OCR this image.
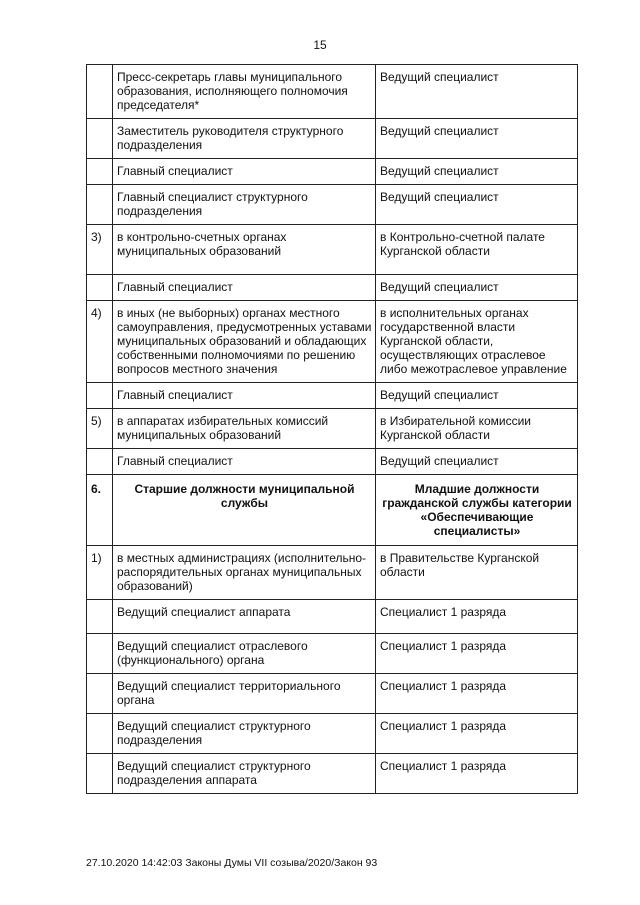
15
	Пресс-секретарь главы муниципального образования, исполняющего полномочия председателя*	Ведущий специалист
	Заместитель руководителя структурного подразделения	Ведущий специалист
	Главный специалист	Ведущий специалист
	Главный специалист структурного подразделения	Ведущий специалист
3)	в контрольно-счетных органах муниципальных образований	в Контрольно-счетной палате Курганской области
	Главный специалист	Ведущий специалист
4)	в иных (не выборных) органах местного самоуправления, предусмотренных уставами муниципальных образований и обладающих собственными полномочиями по решению вопросов местного значения	в исполнительных органах государственной власти Курганской области, осуществляющих отраслевое либо межотраслевое управление
	Главный специалист	Ведущий специалист
5)	в аппаратах избирательных комиссий муниципальных образований	в Избирательной комиссии Курганской области
	Главный специалист	Ведущий специалист
6.	Старшие должности муниципальной службы	Младшие должности гражданской службы категории «Обеспечивающие специалисты»
1)	в местных администрациях (исполнительно-распорядительных органах муниципальных образований)	в Правительстве Курганской области
	Ведущий специалист аппарата	Специалист 1 разряда
	Ведущий специалист отраслевого (функционального) органа	Специалист 1 разряда
	Ведущий специалист территориального органа	Специалист 1 разряда
	Ведущий специалист структурного подразделения	Специалист 1 разряда
	Ведущий специалист структурного подразделения аппарата	Специалист 1 разряда
27.10.2020 14:42:03 Законы Думы VII созыва/2020/Закон 93
